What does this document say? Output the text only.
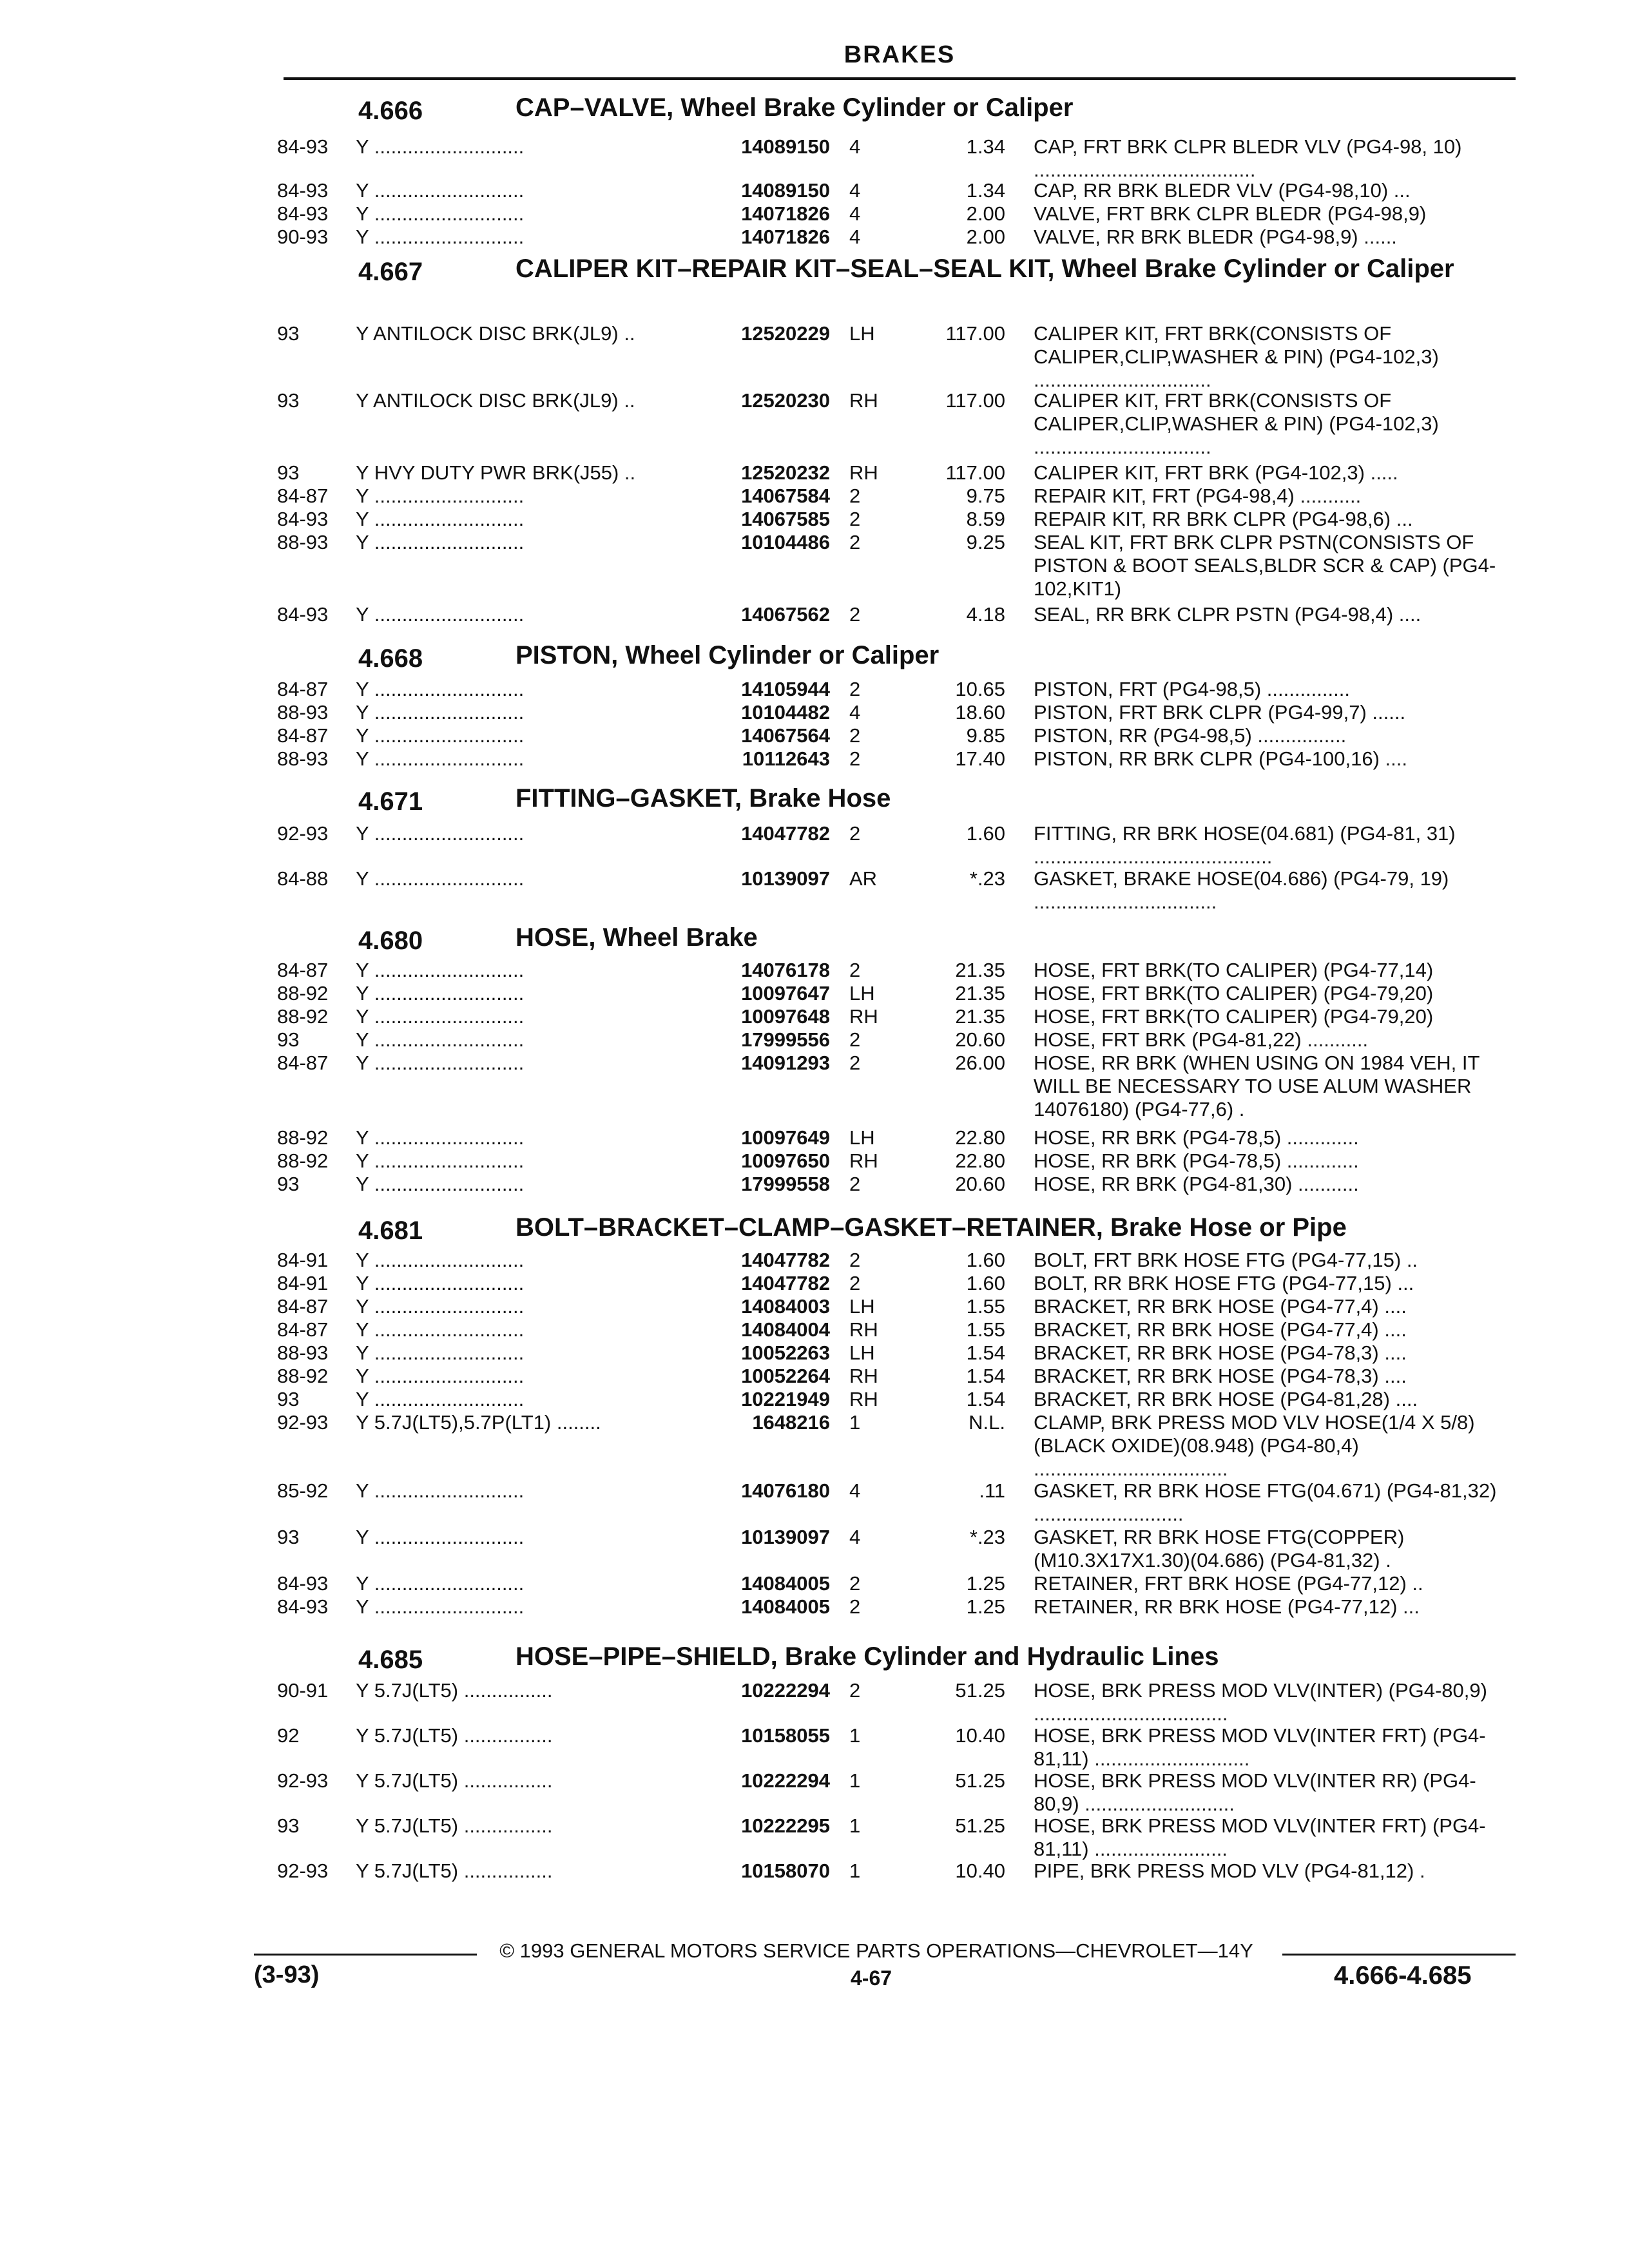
BRAKES
4.666	CAP–VALVE, Wheel Brake Cylinder or Caliper
84-93	Y ...........................	14089150 4	1.34 CAP, FRT BRK CLPR BLEDR VLV (PG4-98, 10) ........................................
84-93	Y ...........................	14089150 4	1.34 CAP, RR BRK BLEDR VLV (PG4-98,10) ...
84-93	Y ...........................	14071826 4	2.00 VALVE, FRT BRK CLPR BLEDR (PG4-98,9)
90-93	Y ...........................	14071826 4	2.00 VALVE, RR BRK BLEDR (PG4-98,9) ......
4.667	CALIPER KIT–REPAIR KIT–SEAL–SEAL KIT, Wheel Brake Cylinder or Caliper
93	Y ANTILOCK DISC BRK(JL9) ..	12520229 LH	117.00 CALIPER KIT, FRT BRK(CONSISTS OF CALIPER,CLIP,WASHER & PIN) (PG4-102,3) ................................
93	Y ANTILOCK DISC BRK(JL9) ..	12520230 RH	117.00 CALIPER KIT, FRT BRK(CONSISTS OF CALIPER,CLIP,WASHER & PIN) (PG4-102,3) ................................
93	Y HVY DUTY PWR BRK(J55) ..	12520232 RH	117.00 CALIPER KIT, FRT BRK (PG4-102,3) .....
84-87	Y ...........................	14067584 2	9.75 REPAIR KIT, FRT (PG4-98,4) ...........
84-93	Y ...........................	14067585 2	8.59 REPAIR KIT, RR BRK CLPR (PG4-98,6) ...
88-93	Y ...........................	10104486 2	9.25 SEAL KIT, FRT BRK CLPR PSTN(CONSISTS OF PISTON & BOOT SEALS,BLDR SCR & CAP) (PG4-102,KIT1)
84-93	Y ...........................	14067562 2	4.18 SEAL, RR BRK CLPR PSTN (PG4-98,4) ....
4.668	PISTON, Wheel Cylinder or Caliper
84-87	Y ...........................	14105944 2	10.65 PISTON, FRT (PG4-98,5) ...............
88-93	Y ...........................	10104482 4	18.60 PISTON, FRT BRK CLPR (PG4-99,7) ......
84-87	Y ...........................	14067564 2	9.85 PISTON, RR (PG4-98,5) ................
88-93	Y ...........................	10112643 2	17.40 PISTON, RR BRK CLPR (PG4-100,16) ....
4.671	FITTING–GASKET, Brake Hose
92-93	Y ...........................	14047782 2	1.60 FITTING, RR BRK HOSE(04.681) (PG4-81, 31) ...........................................
84-88	Y ...........................	10139097 AR	*.23 GASKET, BRAKE HOSE(04.686) (PG4-79, 19) .................................
4.680	HOSE, Wheel Brake
84-87	Y ...........................	14076178 2	21.35 HOSE, FRT BRK(TO CALIPER) (PG4-77,14)
88-92	Y ...........................	10097647 LH	21.35 HOSE, FRT BRK(TO CALIPER) (PG4-79,20)
88-92	Y ...........................	10097648 RH	21.35 HOSE, FRT BRK(TO CALIPER) (PG4-79,20)
93	Y ...........................	17999556 2	20.60 HOSE, FRT BRK (PG4-81,22) ...........
84-87	Y ...........................	14091293 2	26.00 HOSE, RR BRK (WHEN USING ON 1984 VEH, IT WILL BE NECESSARY TO USE ALUM WASHER 14076180) (PG4-77,6) .
88-92	Y ...........................	10097649 LH	22.80 HOSE, RR BRK (PG4-78,5) .............
88-92	Y ...........................	10097650 RH	22.80 HOSE, RR BRK (PG4-78,5) .............
93	Y ...........................	17999558 2	20.60 HOSE, RR BRK (PG4-81,30) ...........
4.681	BOLT–BRACKET–CLAMP–GASKET–RETAINER, Brake Hose or Pipe
84-91	Y ...........................	14047782 2	1.60 BOLT, FRT BRK HOSE FTG (PG4-77,15) ..
84-91	Y ...........................	14047782 2	1.60 BOLT, RR BRK HOSE FTG (PG4-77,15) ...
84-87	Y ...........................	14084003 LH	1.55 BRACKET, RR BRK HOSE (PG4-77,4) ....
84-87	Y ...........................	14084004 RH	1.55 BRACKET, RR BRK HOSE (PG4-77,4) ....
88-93	Y ...........................	10052263 LH	1.54 BRACKET, RR BRK HOSE (PG4-78,3) ....
88-92	Y ...........................	10052264 RH	1.54 BRACKET, RR BRK HOSE (PG4-78,3) ....
93	Y ...........................	10221949 RH	1.54 BRACKET, RR BRK HOSE (PG4-81,28) ....
92-93	Y 5.7J(LT5),5.7P(LT1) ........	1648216 1	N.L. CLAMP, BRK PRESS MOD VLV HOSE(1/4 X 5/8)(BLACK OXIDE)(08.948) (PG4-80,4) ...................................
85-92	Y ...........................	14076180 4	.11 GASKET, RR BRK HOSE FTG(04.671) (PG4-81,32) ...........................
93	Y ...........................	10139097 4	*.23 GASKET, RR BRK HOSE FTG(COPPER) (M10.3X17X1.30)(04.686) (PG4-81,32) .
84-93	Y ...........................	14084005 2	1.25 RETAINER, FRT BRK HOSE (PG4-77,12) ..
84-93	Y ...........................	14084005 2	1.25 RETAINER, RR BRK HOSE (PG4-77,12) ...
4.685	HOSE–PIPE–SHIELD, Brake Cylinder and Hydraulic Lines
90-91	Y 5.7J(LT5) ................	10222294 2	51.25 HOSE, BRK PRESS MOD VLV(INTER) (PG4-80,9) ...................................
92	Y 5.7J(LT5) ................	10158055 1	10.40 HOSE, BRK PRESS MOD VLV(INTER FRT) (PG4-81,11) ............................
92-93	Y 5.7J(LT5) ................	10222294 1	51.25 HOSE, BRK PRESS MOD VLV(INTER RR) (PG4-80,9) ...........................
93	Y 5.7J(LT5) ................	10222295 1	51.25 HOSE, BRK PRESS MOD VLV(INTER FRT) (PG4-81,11) ........................
92-93	Y 5.7J(LT5) ................	10158070 1	10.40 PIPE, BRK PRESS MOD VLV (PG4-81,12) .
© 1993 GENERAL MOTORS SERVICE PARTS OPERATIONS—CHEVROLET—14Y
(3-93)	4-67	4.666-4.685
